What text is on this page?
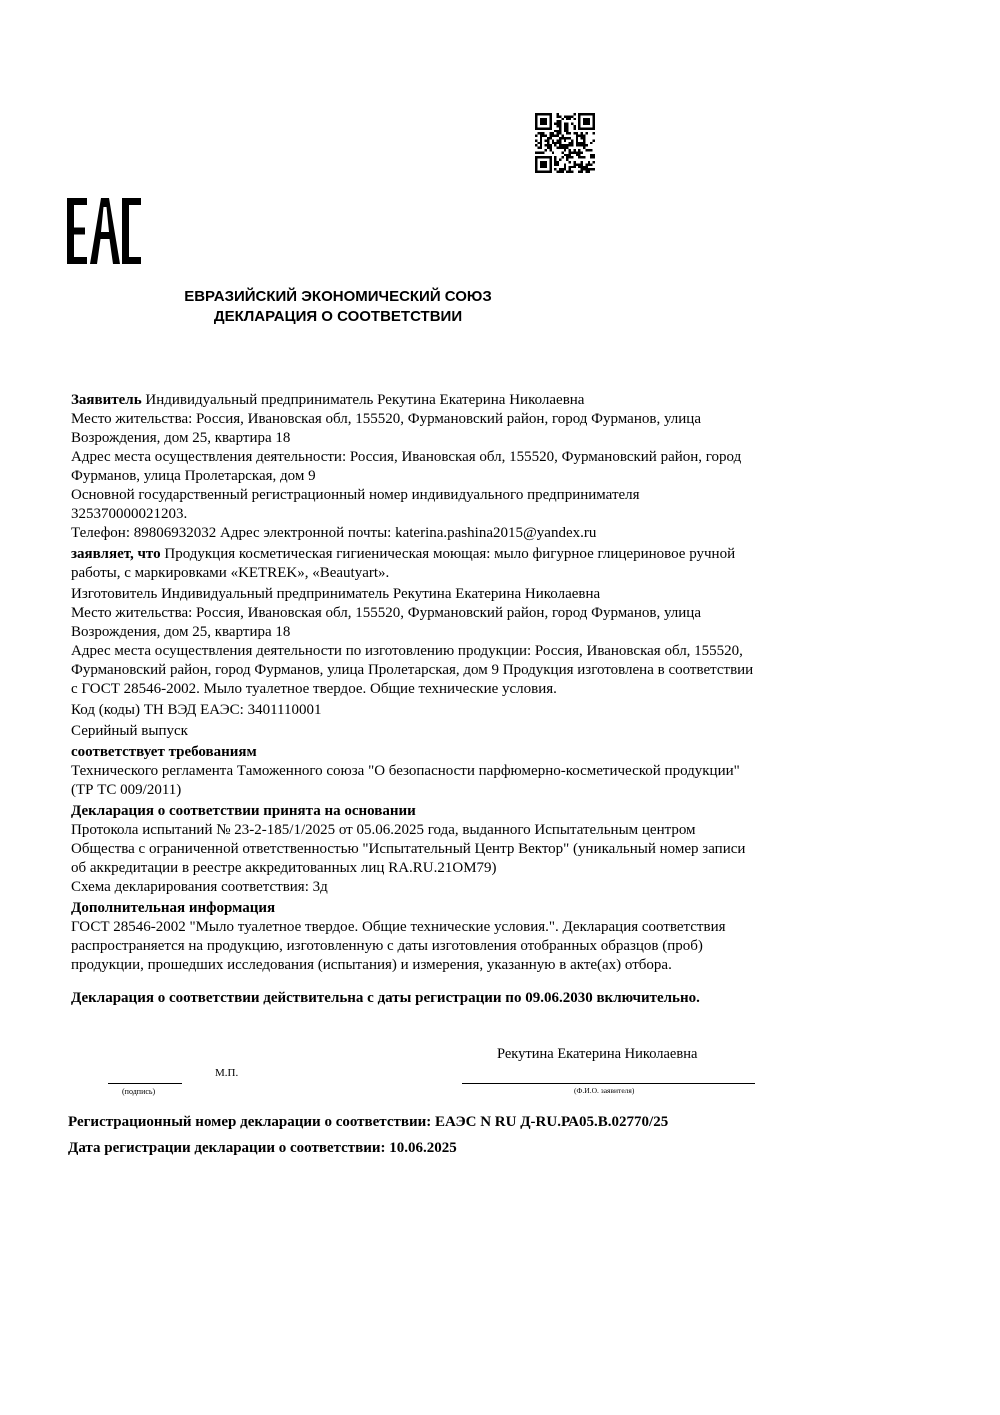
ЕВРАЗИЙСКИЙ ЭКОНОМИЧЕСКИЙ СОЮЗ
ДЕКЛАРАЦИЯ О СООТВЕТСТВИИ

Заявитель Индивидуальный предприниматель Рекутина Екатерина Николаевна
Место жительства: Россия, Ивановская обл, 155520, Фурмановский район, город Фурманов, улица Возрождения, дом 25, квартира 18
Адрес места осуществления деятельности: Россия, Ивановская обл, 155520, Фурмановский район, город Фурманов, улица Пролетарская, дом 9
Основной государственный регистрационный номер индивидуального предпринимателя
325370000021203.
Телефон: 89806932032 Адрес электронной почты: katerina.pashina2015@yandex.ru

заявляет, что Продукция косметическая гигиеническая моющая: мыло фигурное глицериновое ручной работы, с маркировками «KETREK», «Beautyart».

Изготовитель Индивидуальный предприниматель Рекутина Екатерина Николаевна
Место жительства: Россия, Ивановская обл, 155520, Фурмановский район, город Фурманов, улица Возрождения, дом 25, квартира 18
Адрес места осуществления деятельности по изготовлению продукции: Россия, Ивановская обл, 155520, Фурмановский район, город Фурманов, улица Пролетарская, дом 9 Продукция изготовлена в соответствии с ГОСТ 28546-2002. Мыло туалетное твердое. Общие технические условия.

Код (коды) ТН ВЭД ЕАЭС: 3401110001

Серийный выпуск

соответствует требованиям
Технического регламента Таможенного союза "О безопасности парфюмерно-косметической продукции" (ТР ТС 009/2011)

Декларация о соответствии принята на основании
Протокола испытаний № 23-2-185/1/2025 от 05.06.2025 года, выданного Испытательным центром Общества с ограниченной ответственностью "Испытательный Центр Вектор" (уникальный номер записи об аккредитации в реестре аккредитованных лиц RA.RU.21OM79)
Схема декларирования соответствия: 3д

Дополнительная информация
ГОСТ 28546-2002 "Мыло туалетное твердое. Общие технические условия.". Декларация соответствия распространяется на продукцию, изготовленную с даты изготовления отобранных образцов (проб) продукции, прошедших исследования (испытания) и измерения, указанную в акте(ах) отбора.

Декларация о соответствии действительна с даты регистрации по 09.06.2030 включительно.

Рекутина Екатерина Николаевна
М.П.
(подпись)	(Ф.И.О. заявителя)
Регистрационный номер декларации о соответствии: ЕАЭС N RU Д-RU.РА05.В.02770/25
Дата регистрации декларации о соответствии: 10.06.2025
